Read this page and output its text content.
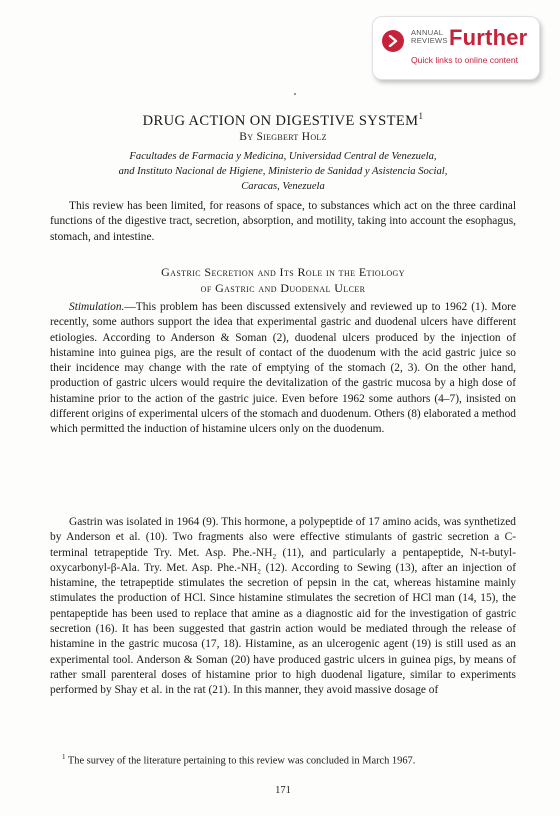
ANNUAL
REVIEWS Further
Quick links to online content
DRUG ACTION ON DIGESTIVE SYSTEM$^1$
By Siegbert Holz
Facultades de Farmacia y Medicina, Universidad Central de Venezuela,
and Instituto Nacional de Higiene, Ministerio de Sanidad y Asistencia Social,
Caracas, Venezuela

This review has been limited, for reasons of space, to substances which act on the three cardinal functions of the digestive tract, secretion, absorption, and motility, taking into account the esophagus, stomach, and intestine.

Gastric Secretion and Its Role in the Etiology
of Gastric and Duodenal Ulcer

Stimulation.—This problem has been discussed extensively and reviewed up to 1962 (1). More recently, some authors support the idea that experimental gastric and duodenal ulcers have different etiologies. According to Anderson & Soman (2), duodenal ulcers produced by the injection of histamine into guinea pigs, are the result of contact of the duodenum with the acid gastric juice so their incidence may change with the rate of emptying of the stomach (2, 3). On the other hand, production of gastric ulcers would require the devitalization of the gastric mucosa by a high dose of histamine prior to the action of the gastric juice. Even before 1962 some authors (4–7), insisted on different origins of experimental ulcers of the stomach and duodenum. Others (8) elaborated a method which permitted the induction of histamine ulcers only on the duodenum.

Gastrin was isolated in 1964 (9). This hormone, a polypeptide of 17 amino acids, was synthetized by Anderson et al. (10). Two fragments also were effective stimulants of gastric secretion a C-terminal tetrapeptide Try. Met. Asp. Phe.-NH₂ (11), and particularly a pentapeptide, N-t-butyl-oxycarbonyl-β-Ala. Try. Met. Asp. Phe.-NH₂ (12). According to Sewing (13), after an injection of histamine, the tetrapeptide stimulates the secretion of pepsin in the cat, whereas histamine mainly stimulates the production of HCl. Since histamine stimulates the secretion of HCl man (14, 15), the pentapeptide has been used to replace that amine as a diagnostic aid for the investigation of gastric secretion (16). It has been suggested that gastrin action would be mediated through the release of histamine in the gastric mucosa (17, 18). Histamine, as an ulcerogenic agent (19) is still used as an experimental tool. Anderson & Soman (20) have produced gastric ulcers in guinea pigs, by means of rather small parenteral doses of histamine prior to high duodenal ligature, similar to experiments performed by Shay et al. in the rat (21). In this manner, they avoid massive dosage of

$^1$ The survey of the literature pertaining to this review was concluded in March 1967.
171
